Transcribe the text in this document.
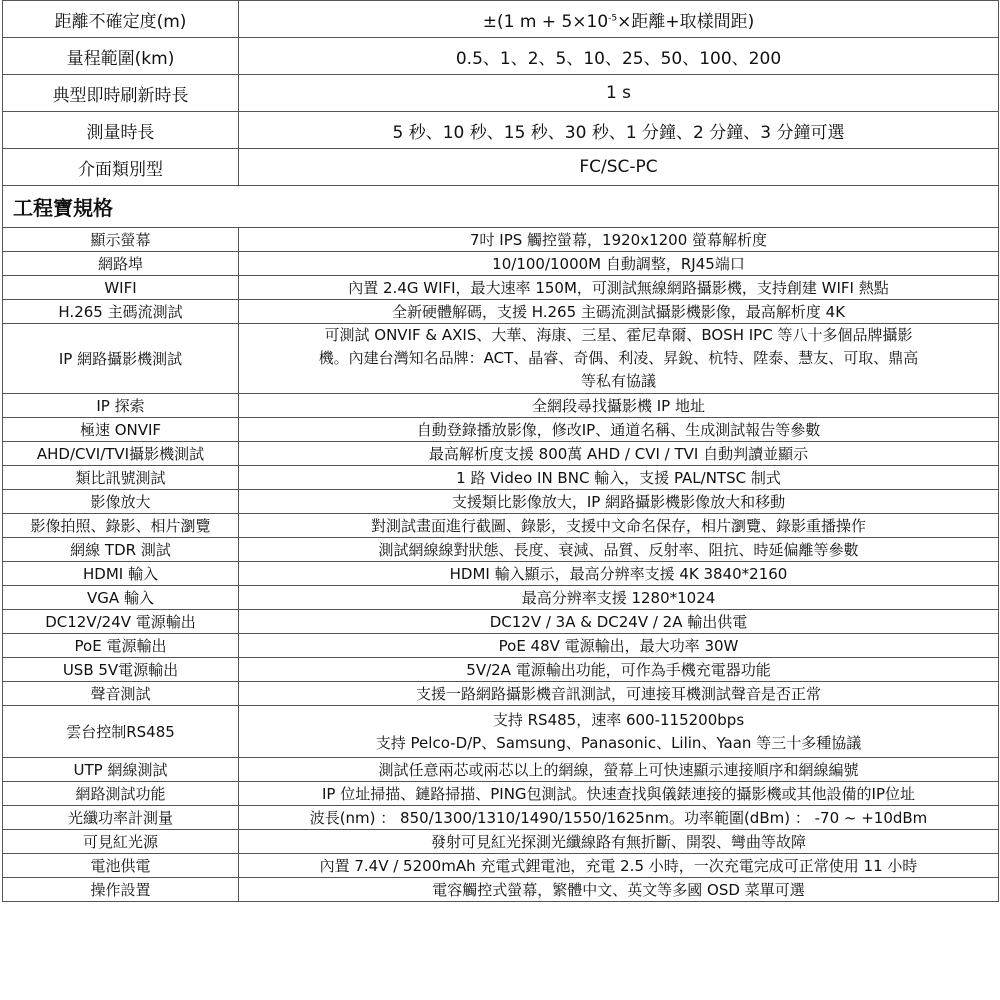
距離不確定度(m)	±(1 $m + 5\times 10^{-5}\times$距離+取樣間距)
量程範圍(km)	0.5、1、2、5、10、25、50、100、200
典型即時刷新時長	1 s
測量時長	5 秒、10 秒、15 秒、30 秒、1 分鐘、2 分鐘、3 分鐘可選
介面類別型	FC/SC-PC
工程寶規格	
顯示螢幕	7吋 IPS 觸控螢幕，1920x1200 螢幕解析度
網路埠	10/100/1000M 自動調整，RJ45端口
WIFI	內置 2.4G WIFI，最大速率 150M，可測試無線網路攝影機，支持創建 WIFI 熱點
H.265 主碼流測試	全新硬體解碼，支援 H.265 主碼流測試攝影機影像，最高解析度 4K
IP 網路攝影機測試	可測試 ONVIF & AXIS、大華、海康、三星、霍尼韋爾、BOSH IPC 等八十多個品牌攝影
機。內建台灣知名品牌：ACT、晶睿、奇偶、利凌、昇銳、杭特、陞泰、慧友、可取、鼎高
等私有協議

IP 探索	全網段尋找攝影機 IP 地址
極速 ONVIF	自動登錄播放影像，修改IP、通道名稱、生成測試報告等參數
AHD/CVI/TVI攝影機測試	最高解析度支援 800萬 AHD / CVI / TVI 自動判讀並顯示
類比訊號測試	1 路 Video IN BNC 輸入，支援 PAL/NTSC 制式
影像放大	支援類比影像放大，IP 網路攝影機影像放大和移動
影像拍照、錄影、相片瀏覽	對測試畫面進行截圖、錄影，支援中文命名保存，相片瀏覽、錄影重播操作
網線 TDR 測試	測試網線線對狀態、長度、衰減、品質、反射率、阻抗、時延偏離等參數
HDMI 輸入	HDMI 輸入顯示，最高分辨率支援 4K 3840*2160
VGA 輸入	最高分辨率支援 1280*1024
DC12V/24V 電源輸出	DC12V / 3A & DC24V / 2A 輸出供電
PoE 電源輸出	PoE 48V 電源輸出，最大功率 30W
USB 5V電源輸出	5V/2A 電源輸出功能，可作為手機充電器功能
聲音測試	支援一路網路攝影機音訊測試，可連接耳機測試聲音是否正常
雲台控制RS485	支持 RS485，速率 600-115200bps
支持 Pelco-D/P、Samsung、Panasonic、Lilin、Yaan 等三十多種協議

UTP 網線測試	測試任意兩芯或兩芯以上的網線，螢幕上可快速顯示連接順序和網線編號
網路測試功能	IP 位址掃描、鏈路掃描、PING包測試。快速查找與儀錶連接的攝影機或其他設備的IP位址
光纖功率計測量	波長(nm) ： 850/1300/1310/1490/1550/1625nm。功率範圍(dBm) ： -70 ~ +10dBm
可見紅光源	發射可見紅光探測光纖線路有無折斷、開裂、彎曲等故障
電池供電	內置 7.4V / 5200mAh 充電式鋰電池，充電 2.5 小時，一次充電完成可正常使用 11 小時
操作設置	電容觸控式螢幕，繁體中文、英文等多國 OSD 菜單可選
